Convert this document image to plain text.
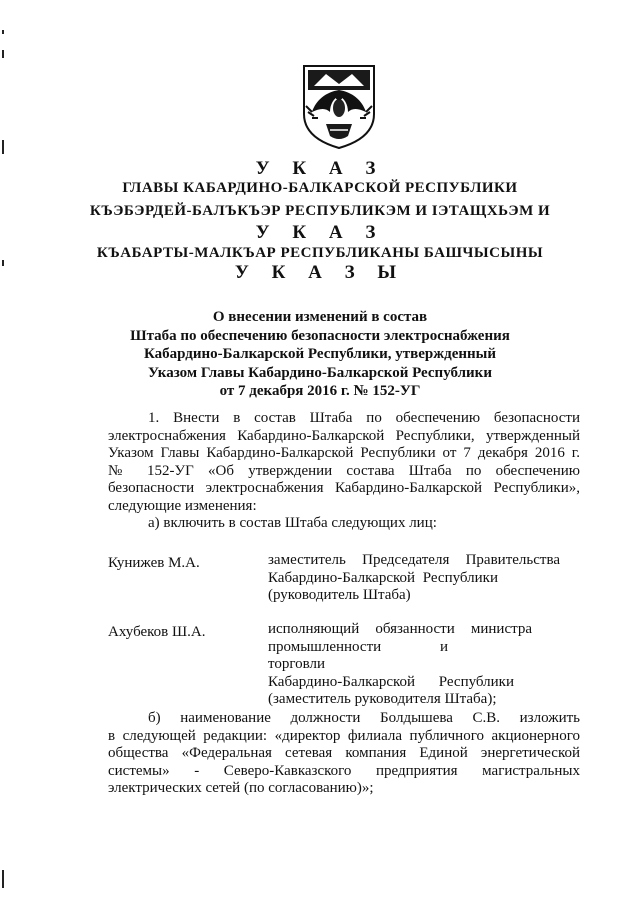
У К А З
ГЛАВЫ КАБАРДИНО-БАЛКАРСКОЙ РЕСПУБЛИКИ
КЪЭБЭРДЕЙ-БАЛЪКЪЭР РЕСПУБЛИКЭМ И ІЭТАЩХЬЭМ И
У К А З
КЪАБАРТЫ-МАЛКЪАР РЕСПУБЛИКАНЫ БАШЧЫСЫНЫ
У К А З Ы
О внесении изменений в состав
Штаба по обеспечению безопасности электроснабжения
Кабардино-Балкарской Республики, утвержденный
Указом Главы Кабардино-Балкарской Республики
от 7 декабря 2016 г. № 152-УГ
1. Внести в состав Штаба по обеспечению безопасности
электроснабжения Кабардино-Балкарской Республики, утвержденный
Указом Главы Кабардино-Балкарской Республики от 7 декабря 2016 г.
№ 152-УГ «Об утверждении состава Штаба по обеспечению
безопасности электроснабжения Кабардино-Балкарской Республики»,
следующие изменения:
а) включить в состав Штаба следующих лиц:
Кунижев М.А.	заместитель Председателя Правительства
Кабардино-Балкарской Республики
(руководитель Штаба)
Ахубеков Ш.А.	исполняющий обязанности министра
промышленности и торговли
Кабардино-Балкарской Республики
(заместитель руководителя Штаба);
б) наименование должности Болдышева С.В. изложить
в следующей редакции: «директор филиала публичного акционерного
общества «Федеральная сетевая компания Единой энергетической
системы» - Северо-Кавказского предприятия магистральных
электрических сетей (по согласованию)»;
